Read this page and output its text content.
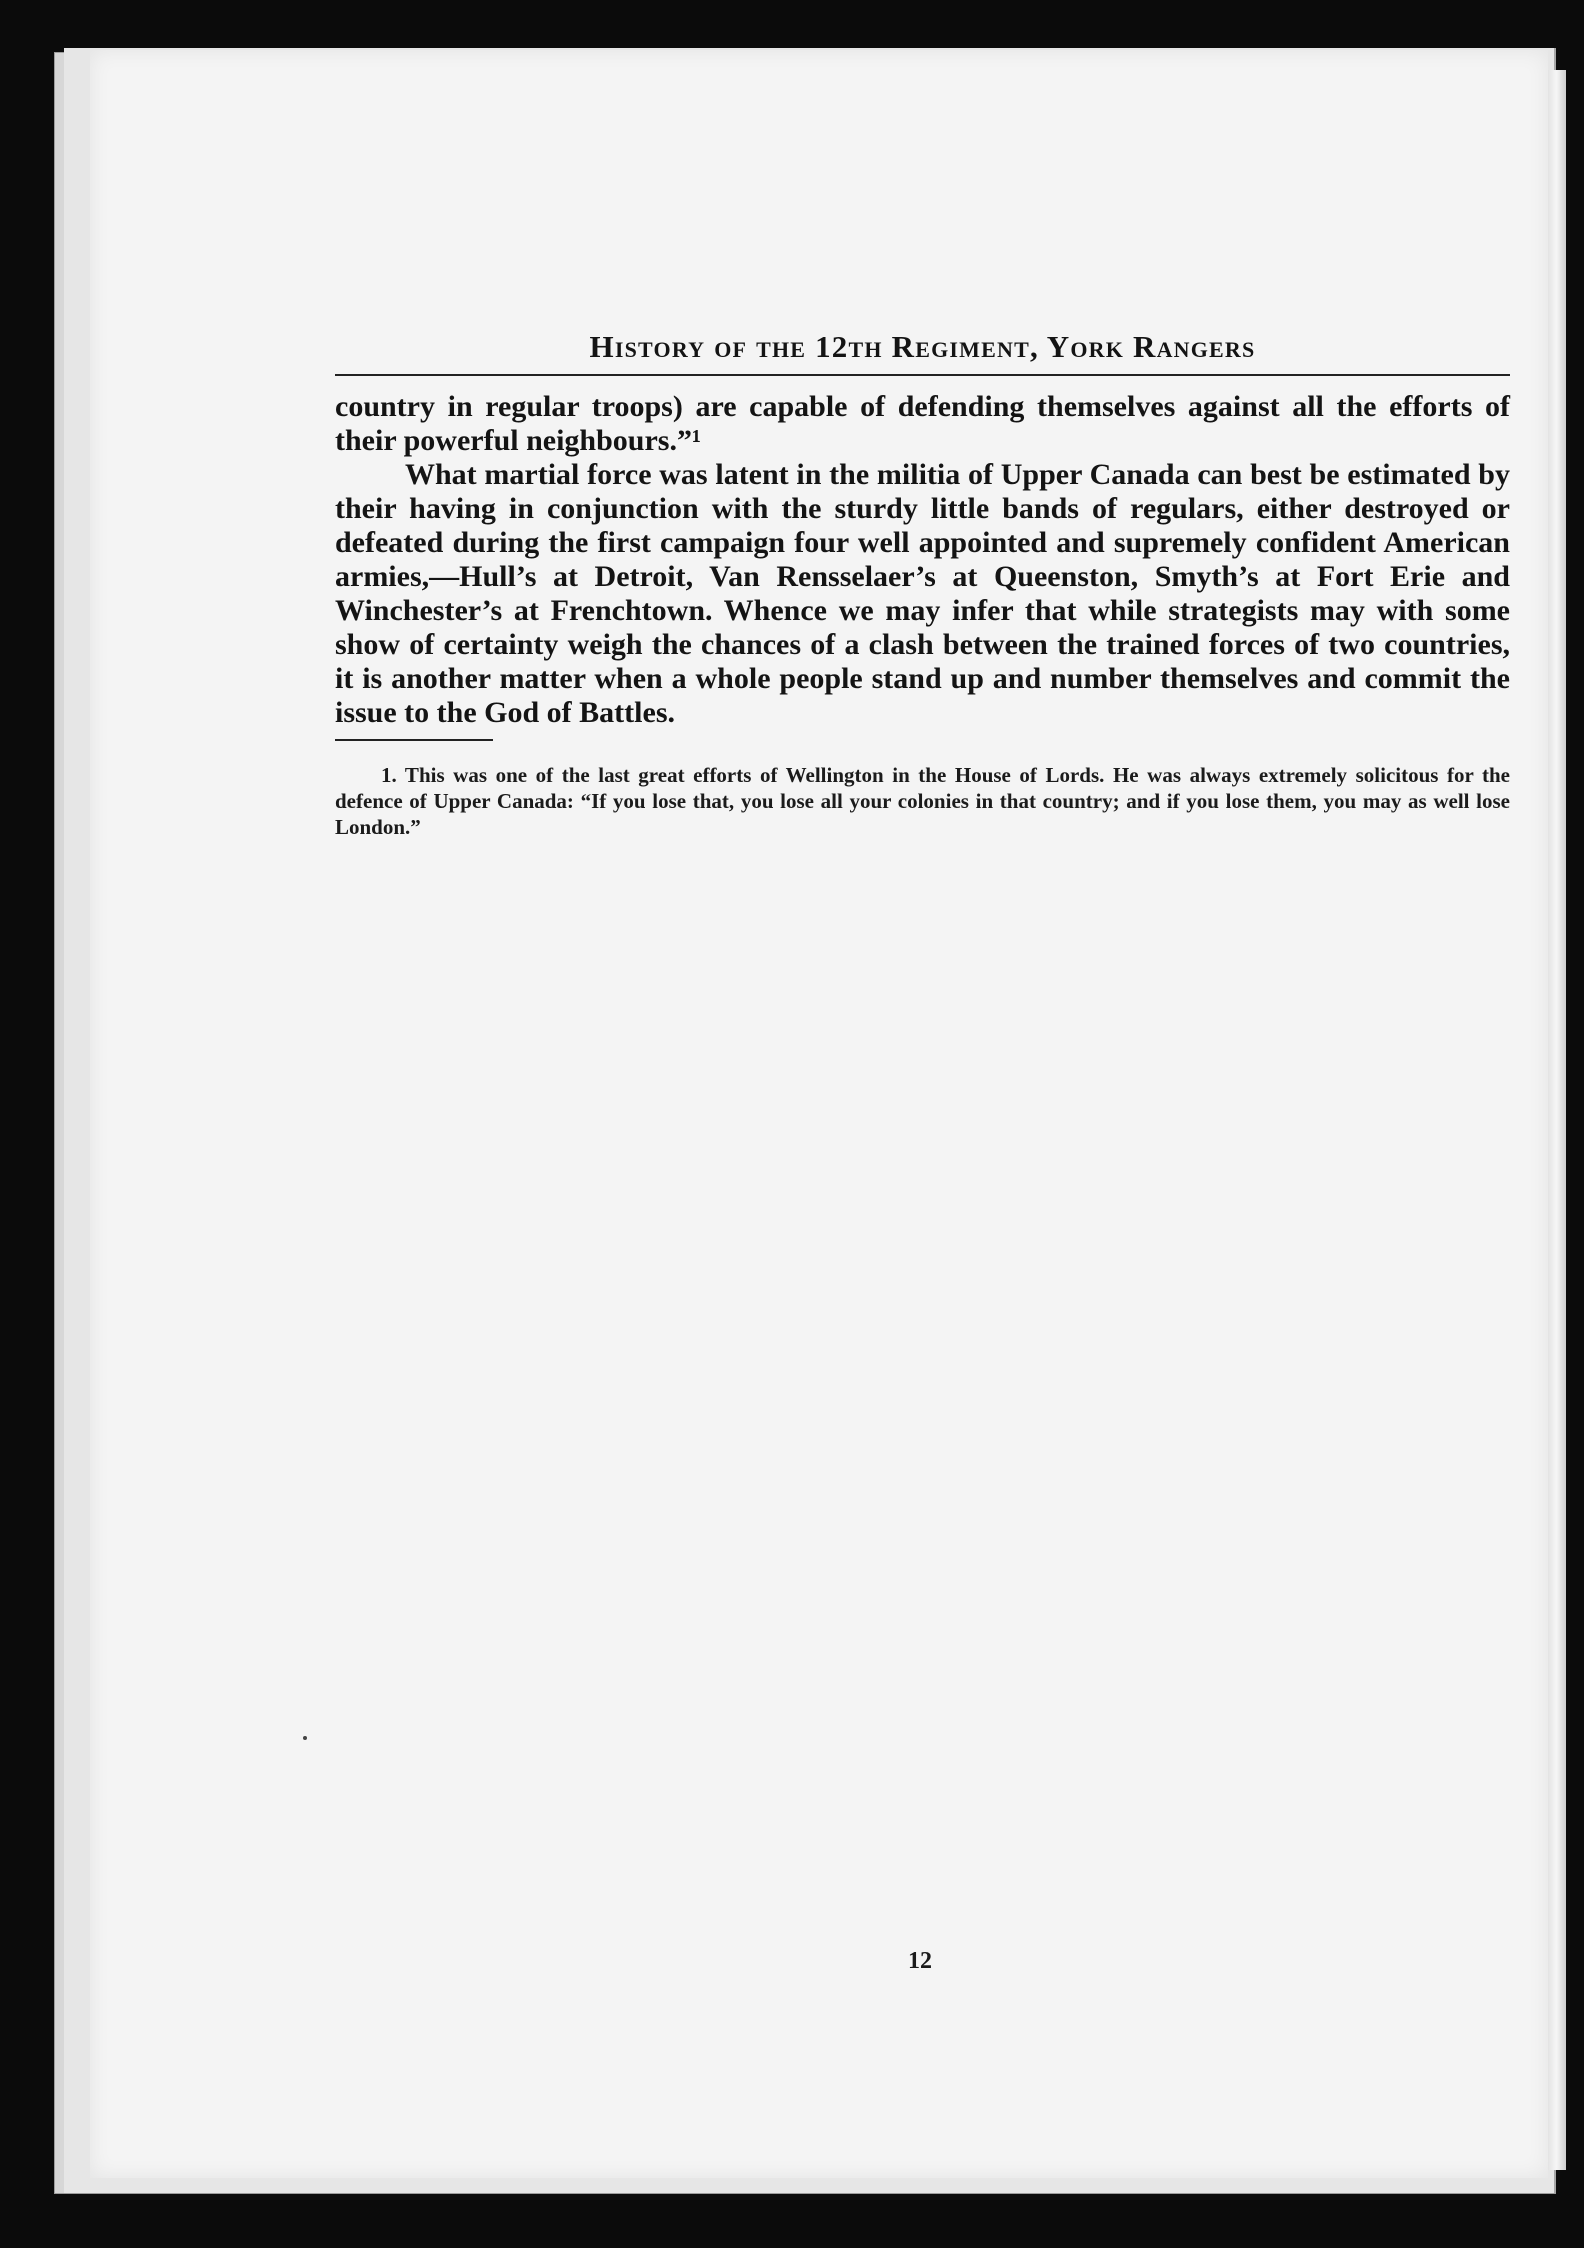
History of the 12th Regiment, York Rangers

country in regular troops) are capable of defending themselves against all the efforts of their powerful neighbours.”¹

What martial force was latent in the militia of Upper Canada can best be estimated by their having in conjunction with the sturdy little bands of regulars, either destroyed or defeated during the first campaign four well appointed and supremely confident American armies,—Hull’s at Detroit, Van Rensselaer’s at Queenston, Smyth’s at Fort Erie and Winchester’s at Frenchtown. Whence we may infer that while strategists may with some show of certainty weigh the chances of a clash between the trained forces of two countries, it is another matter when a whole people stand up and number themselves and commit the issue to the God of Battles.

1. This was one of the last great efforts of Wellington in the House of Lords. He was always extremely solicitous for the defence of Upper Canada: “If you lose that, you lose all your colonies in that country; and if you lose them, you may as well lose London.”

12
